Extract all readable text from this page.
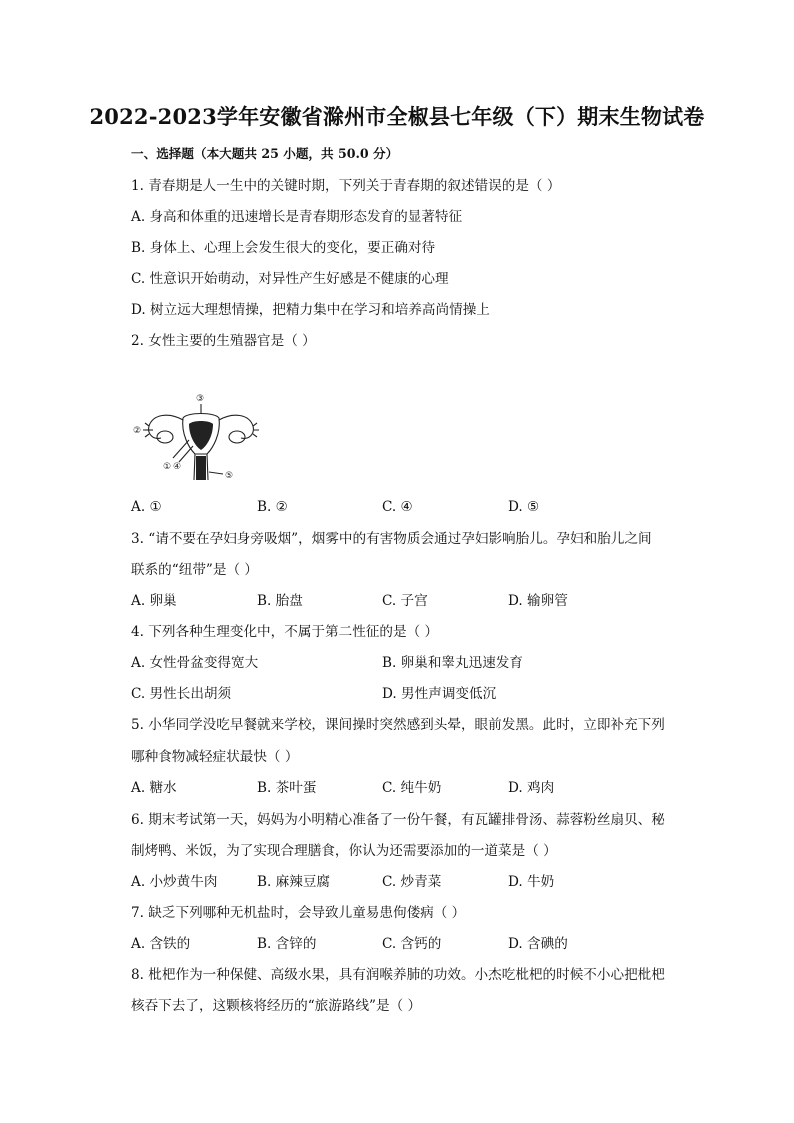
2022-2023学年安徽省滁州市全椒县七年级（下）期末生物试卷
一、选择题（本大题共 25 小题，共 50.0 分）
1. 青春期是人一生中的关键时期，下列关于青春期的叙述错误的是（ ）
A. 身高和体重的迅速增长是青春期形态发育的显著特征
B. 身体上、心理上会发生很大的变化，要正确对待
C. 性意识开始萌动，对异性产生好感是不健康的心理
D. 树立远大理想情操，把精力集中在学习和培养高尚情操上
2. 女性主要的生殖器官是（ ）
③
②
① ④
⑤
A. ①	B. ②	C. ④	D. ⑤
3. “请不要在孕妇身旁吸烟”，烟雾中的有害物质会通过孕妇影响胎儿。孕妇和胎儿之间
联系的“纽带”是（ ）
A. 卵巢	B. 胎盘	C. 子宫	D. 输卵管
4. 下列各种生理变化中，不属于第二性征的是（ ）
A. 女性骨盆变得宽大	B. 卵巢和睾丸迅速发育
C. 男性长出胡须	D. 男性声调变低沉
5. 小华同学没吃早餐就来学校，课间操时突然感到头晕，眼前发黑。此时，立即补充下列
哪种食物减轻症状最快（ ）
A. 糖水	B. 茶叶蛋	C. 纯牛奶	D. 鸡肉
6. 期末考试第一天，妈妈为小明精心准备了一份午餐，有瓦罐排骨汤、蒜蓉粉丝扇贝、秘
制烤鸭、米饭，为了实现合理膳食，你认为还需要添加的一道菜是（ ）
A. 小炒黄牛肉	B. 麻辣豆腐	C. 炒青菜	D. 牛奶
7. 缺乏下列哪种无机盐时，会导致儿童易患佝偻病（ ）
A. 含铁的	B. 含锌的	C. 含钙的	D. 含碘的
8. 枇杷作为一种保健、高级水果，具有润喉养肺的功效。小杰吃枇杷的时候不小心把枇杷
核吞下去了，这颗核将经历的“旅游路线”是（ ）
